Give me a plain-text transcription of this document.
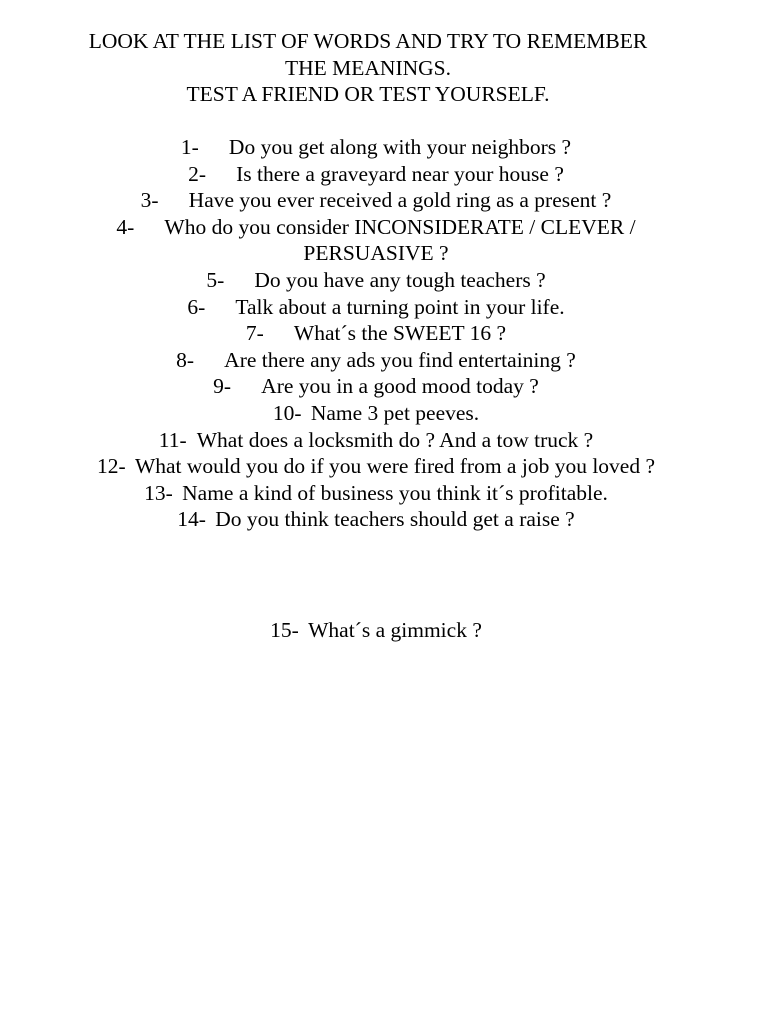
LOOK AT THE LIST OF WORDS AND TRY TO REMEMBER
THE MEANINGS.
TEST A FRIEND OR TEST YOURSELF.
1- Do you get along with your neighbors ?
2- Is there a graveyard near your house ?
3- Have you ever received a gold ring as a present ?
4- Who do you consider INCONSIDERATE / CLEVER / PERSUASIVE ?
5- Do you have any tough teachers ?
6- Talk about a turning point in your life.
7- What´s the SWEET 16 ?
8- Are there any ads you find entertaining ?
9- Are you in a good mood today ?
10- Name 3 pet peeves.
11- What does a locksmith do ? And a tow truck ?
12- What would you do if you were fired from a job you loved ?
13- Name a kind of business you think it´s profitable.
14- Do you think teachers should get a raise ?
15- What´s a gimmick ?
